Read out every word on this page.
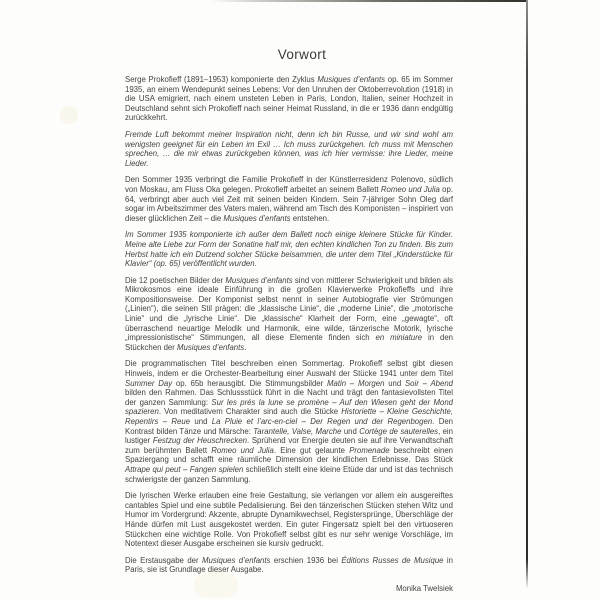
Vorwort

Serge Prokofieff (1891–1953) komponierte den Zyklus Musiques d’enfants op. 65 im Sommer 1935, an einem Wendepunkt seines Lebens: Vor den Unruhen der Oktoberrevolution (1918) in die USA emigriert, nach einem unsteten Leben in Paris, London, Italien, seiner Hochzeit in Deutschland sehnt sich Prokofieff nach seiner Heimat Russland, in die er 1936 dann endgültig zurückkehrt.

Fremde Luft bekommt meiner Inspiration nicht, denn ich bin Russe, und wir sind wohl am wenigsten geeignet für ein Leben im Exil … Ich muss zurückgehen. Ich muss mit Menschen sprechen, … die mir etwas zurückgeben können, was ich hier vermisse: ihre Lieder, meine Lieder.

Den Sommer 1935 verbringt die Familie Prokofieff in der Künstlerresidenz Polenovo, südlich von Moskau, am Fluss Oka gelegen. Prokofieff arbeitet an seinem Ballett Romeo und Julia op. 64, verbringt aber auch viel Zeit mit seinen beiden Kindern. Sein 7-jähriger Sohn Oleg darf sogar im Arbeitszimmer des Vaters malen, während am Tisch des Komponisten – inspiriert von dieser glücklichen Zeit – die Musiques d’enfants entstehen.

Im Sommer 1935 komponierte ich außer dem Ballett noch einige kleinere Stücke für Kinder. Meine alte Liebe zur Form der Sonatine half mir, den echten kindlichen Ton zu finden. Bis zum Herbst hatte ich ein Dutzend solcher Stücke beisammen, die unter dem Titel „Kinderstücke für Klavier“ (op. 65) veröffentlicht wurden.

Die 12 poetischen Bilder der Musiques d’enfants sind von mittlerer Schwierigkeit und bilden als Mikrokosmos eine ideale Einführung in die großen Klavierwerke Prokofieffs und ihre Kompositionsweise. Der Komponist selbst nennt in seiner Autobiografie vier Strömungen („Linien“), die seinen Stil prägen: die „klassische Linie“, die „moderne Linie“, die „motorische Linie“ und die „lyrische Linie“. Die „klassische“ Klarheit der Form, eine „gewagte“, oft überraschend neuartige Melodik und Harmonik, eine wilde, tänzerische Motorik, lyrische „impressionistische“ Stimmungen, all diese Elemente finden sich en miniature in den Stückchen der Musiques d’enfants.

Die programmatischen Titel beschreiben einen Sommertag. Prokofieff selbst gibt diesen Hinweis, indem er die Orchester-Bearbeitung einer Auswahl der Stücke 1941 unter dem Titel Summer Day op. 65b herausgibt. Die Stimmungsbilder Matin – Morgen und Soir – Abend bilden den Rahmen. Das Schlussstück führt in die Nacht und trägt den fantasievollsten Titel der ganzen Sammlung: Sur les prés la lune se promène – Auf den Wiesen geht der Mond spazieren. Von meditativem Charakter sind auch die Stücke Historiette – Kleine Geschichte, Repentirs – Reue und La Pluie et l’arc-en-ciel – Der Regen und der Regenbogen. Den Kontrast bilden Tänze und Märsche: Tarantelle, Valse, Marche und Cortège de sauterelles, ein lustiger Festzug der Heuschrecken. Sprühend vor Energie deuten sie auf ihre Verwandtschaft zum berühmten Ballett Romeo und Julia. Eine gut gelaunte Promenade beschreibt einen Spaziergang und schafft eine räumliche Dimension der kindlichen Erlebnisse. Das Stück Attrape qui peut – Fangen spielen schließlich stellt eine kleine Etüde dar und ist das technisch schwierigste der ganzen Sammlung.

Die lyrischen Werke erlauben eine freie Gestaltung, sie verlangen vor allem ein ausgereiftes cantables Spiel und eine subtile Pedalisierung. Bei den tänzerischen Stücken stehen Witz und Humor im Vordergrund: Akzente, abrupte Dynamikwechsel, Registersprünge, Überschläge der Hände dürfen mit Lust ausgekostet werden. Ein guter Fingersatz spielt bei den virtuoseren Stückchen eine wichtige Rolle. Von Prokofieff selbst gibt es nur sehr wenige Vorschläge, im Notentext dieser Ausgabe erscheinen sie kursiv gedruckt.

Die Erstausgabe der Musiques d’enfants erschien 1936 bei Éditions Russes de Musique in Paris, sie ist Grundlage dieser Ausgabe.

Monika Twelsiek
